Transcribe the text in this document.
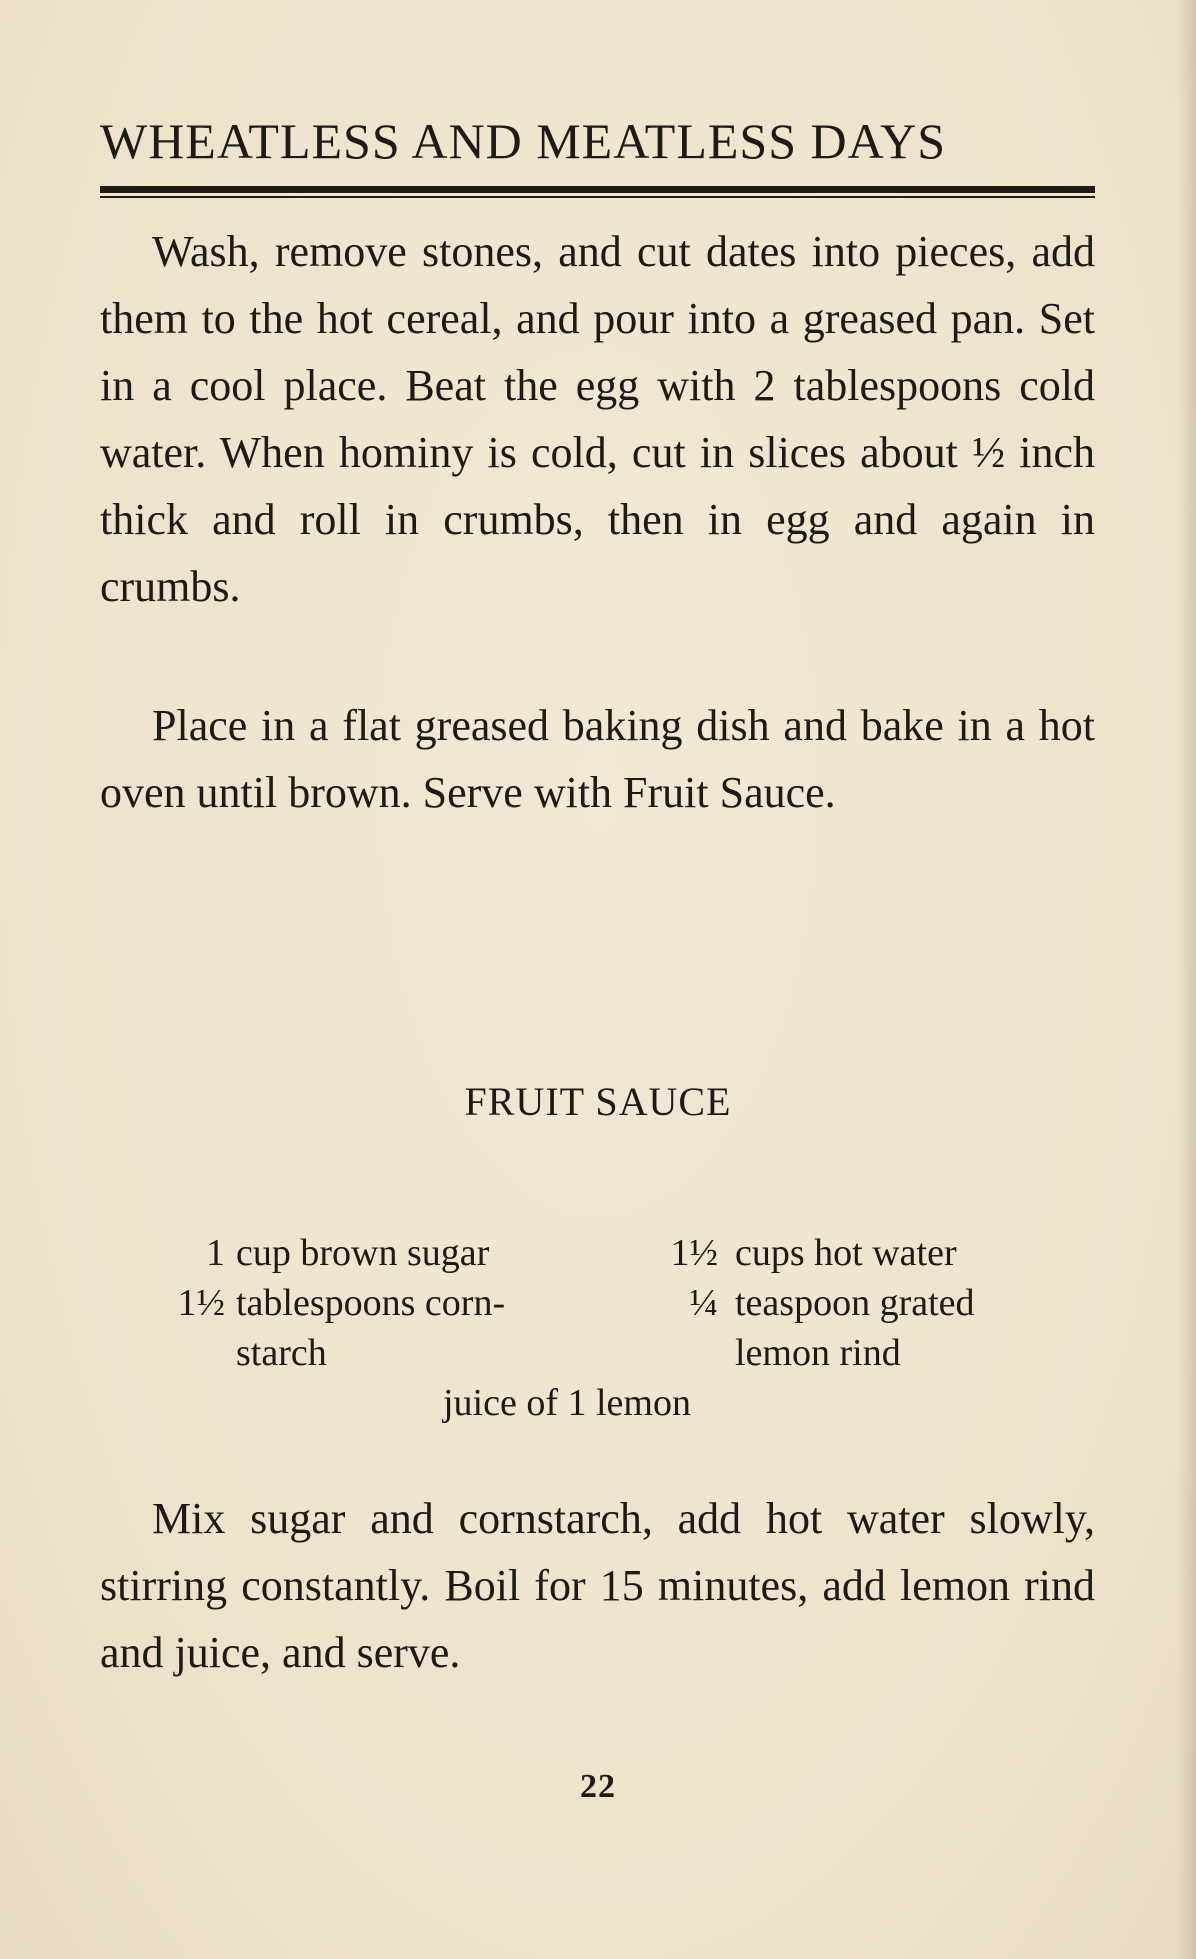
WHEATLESS AND MEATLESS DAYS

Wash, remove stones, and cut dates into pieces, add them to the hot cereal, and pour into a greased pan. Set in a cool place. Beat the egg with 2 tablespoons cold water. When hominy is cold, cut in slices about ½ inch thick and roll in crumbs, then in egg and again in crumbs.

Place in a flat greased baking dish and bake in a hot oven until brown. Serve with Fruit Sauce.

FRUIT SAUCE
1 cup brown sugar
1½ tablespoons corn-
starch
1½ cups hot water
¼ teaspoon grated
lemon rind
juice of 1 lemon

Mix sugar and cornstarch, add hot water slowly, stirring constantly. Boil for 15 minutes, add lemon rind and juice, and serve.

22
